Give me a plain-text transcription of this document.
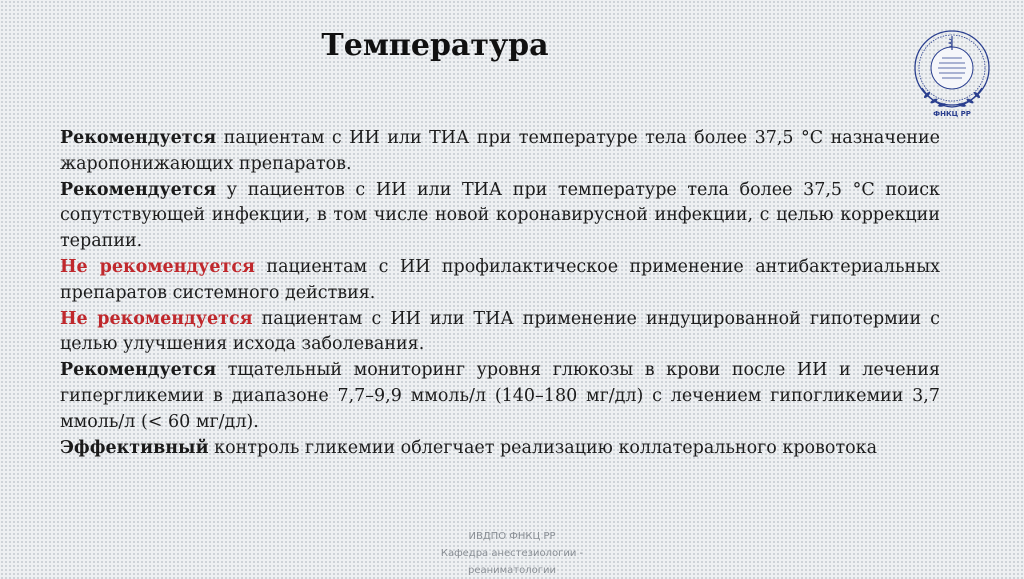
Температура
ФНКЦ РР

Рекомендуется пациентам с ИИ или ТИА при температуре тела более 37,5 °С назначение жаропонижающих препаратов.

Рекомендуется у пациентов с ИИ или ТИА при температуре тела более 37,5 °С поиск сопутствующей инфекции, в том числе новой коронавирусной инфекции, с целью коррекции терапии.

Не рекомендуется пациентам с ИИ профилактическое применение антибактериальных препаратов системного действия.

Не рекомендуется пациентам с ИИ или ТИА применение индуцированной гипотермии с целью улучшения исхода заболевания.

Рекомендуется тщательный мониторинг уровня глюкозы в крови после ИИ и лечения гипергликемии в диапазоне 7,7–9,9 ммоль/л (140–180 мг/дл) с лечением гипогликемии 3,7 ммоль/л (< 60 мг/дл).

Эффективный контроль гликемии облегчает реализацию коллатерального кровотока

ИВДПО ФНКЦ РР
Кафедра анестезиологии - реаниматологии
